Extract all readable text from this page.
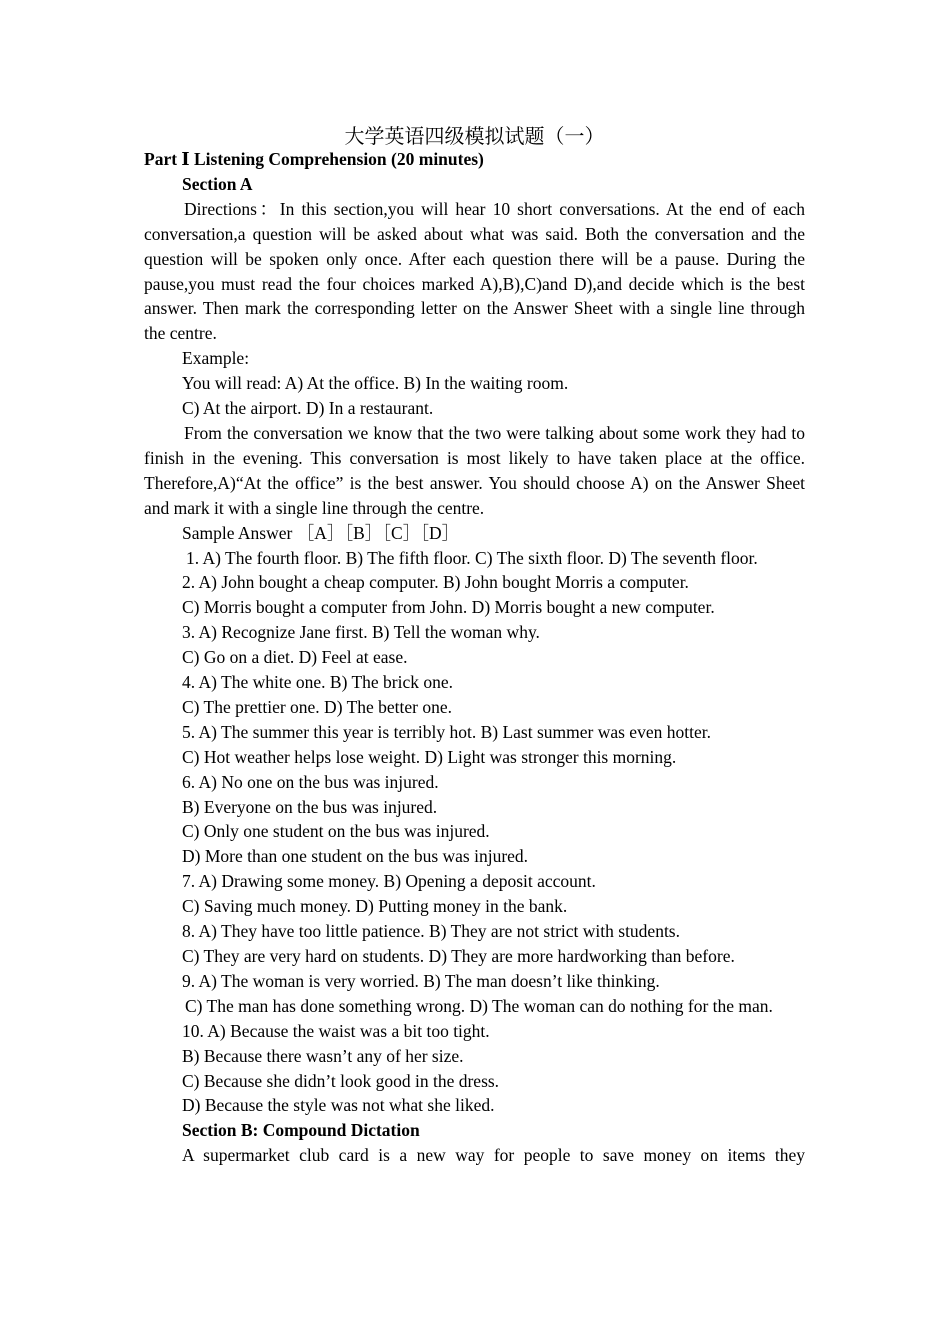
大学英语四级模拟试题（一）
Part Ⅰ Listening Comprehension (20 minutes)
Section A
Directions：In this section,you will hear 10 short conversations. At the end of each conversation,a question will be asked about what was said. Both the conversation and the question will be spoken only once. After each question there will be a pause. During the pause,you must read the four choices marked A),B),C)and D),and decide which is the best answer. Then mark the corresponding letter on the Answer Sheet with a single line through the centre.
Example:
You will read: A) At the office. B) In the waiting room.
C) At the airport. D) In a restaurant.
From the conversation we know that the two were talking about some work they had to finish in the evening. This conversation is most likely to have taken place at the office. Therefore,A)“At the office” is the best answer. You should choose A) on the Answer Sheet and mark it with a single line through the centre.
Sample Answer ［A］［B］［C］［D］
1. A) The fourth floor. B) The fifth floor. C) The sixth floor. D) The seventh floor.
2. A) John bought a cheap computer. B) John bought Morris a computer.
C) Morris bought a computer from John. D) Morris bought a new computer.
3. A) Recognize Jane first. B) Tell the woman why.
C) Go on a diet. D) Feel at ease.
4. A) The white one. B) The brick one.
C) The prettier one. D) The better one.
5. A) The summer this year is terribly hot. B) Last summer was even hotter.
C) Hot weather helps lose weight. D) Light was stronger this morning.
6. A) No one on the bus was injured.
B) Everyone on the bus was injured.
C) Only one student on the bus was injured.
D) More than one student on the bus was injured.
7. A) Drawing some money. B) Opening a deposit account.
C) Saving much money. D) Putting money in the bank.
8. A) They have too little patience. B) They are not strict with students.
C) They are very hard on students. D) They are more hardworking than before.
9. A) The woman is very worried. B) The man doesn’t like thinking.
C) The man has done something wrong. D) The woman can do nothing for the man.
10. A) Because the waist was a bit too tight.
B) Because there wasn’t any of her size.
C) Because she didn’t look good in the dress.
D) Because the style was not what she liked.
Section B: Compound Dictation
A supermarket club card is a new way for people to save money on items they
